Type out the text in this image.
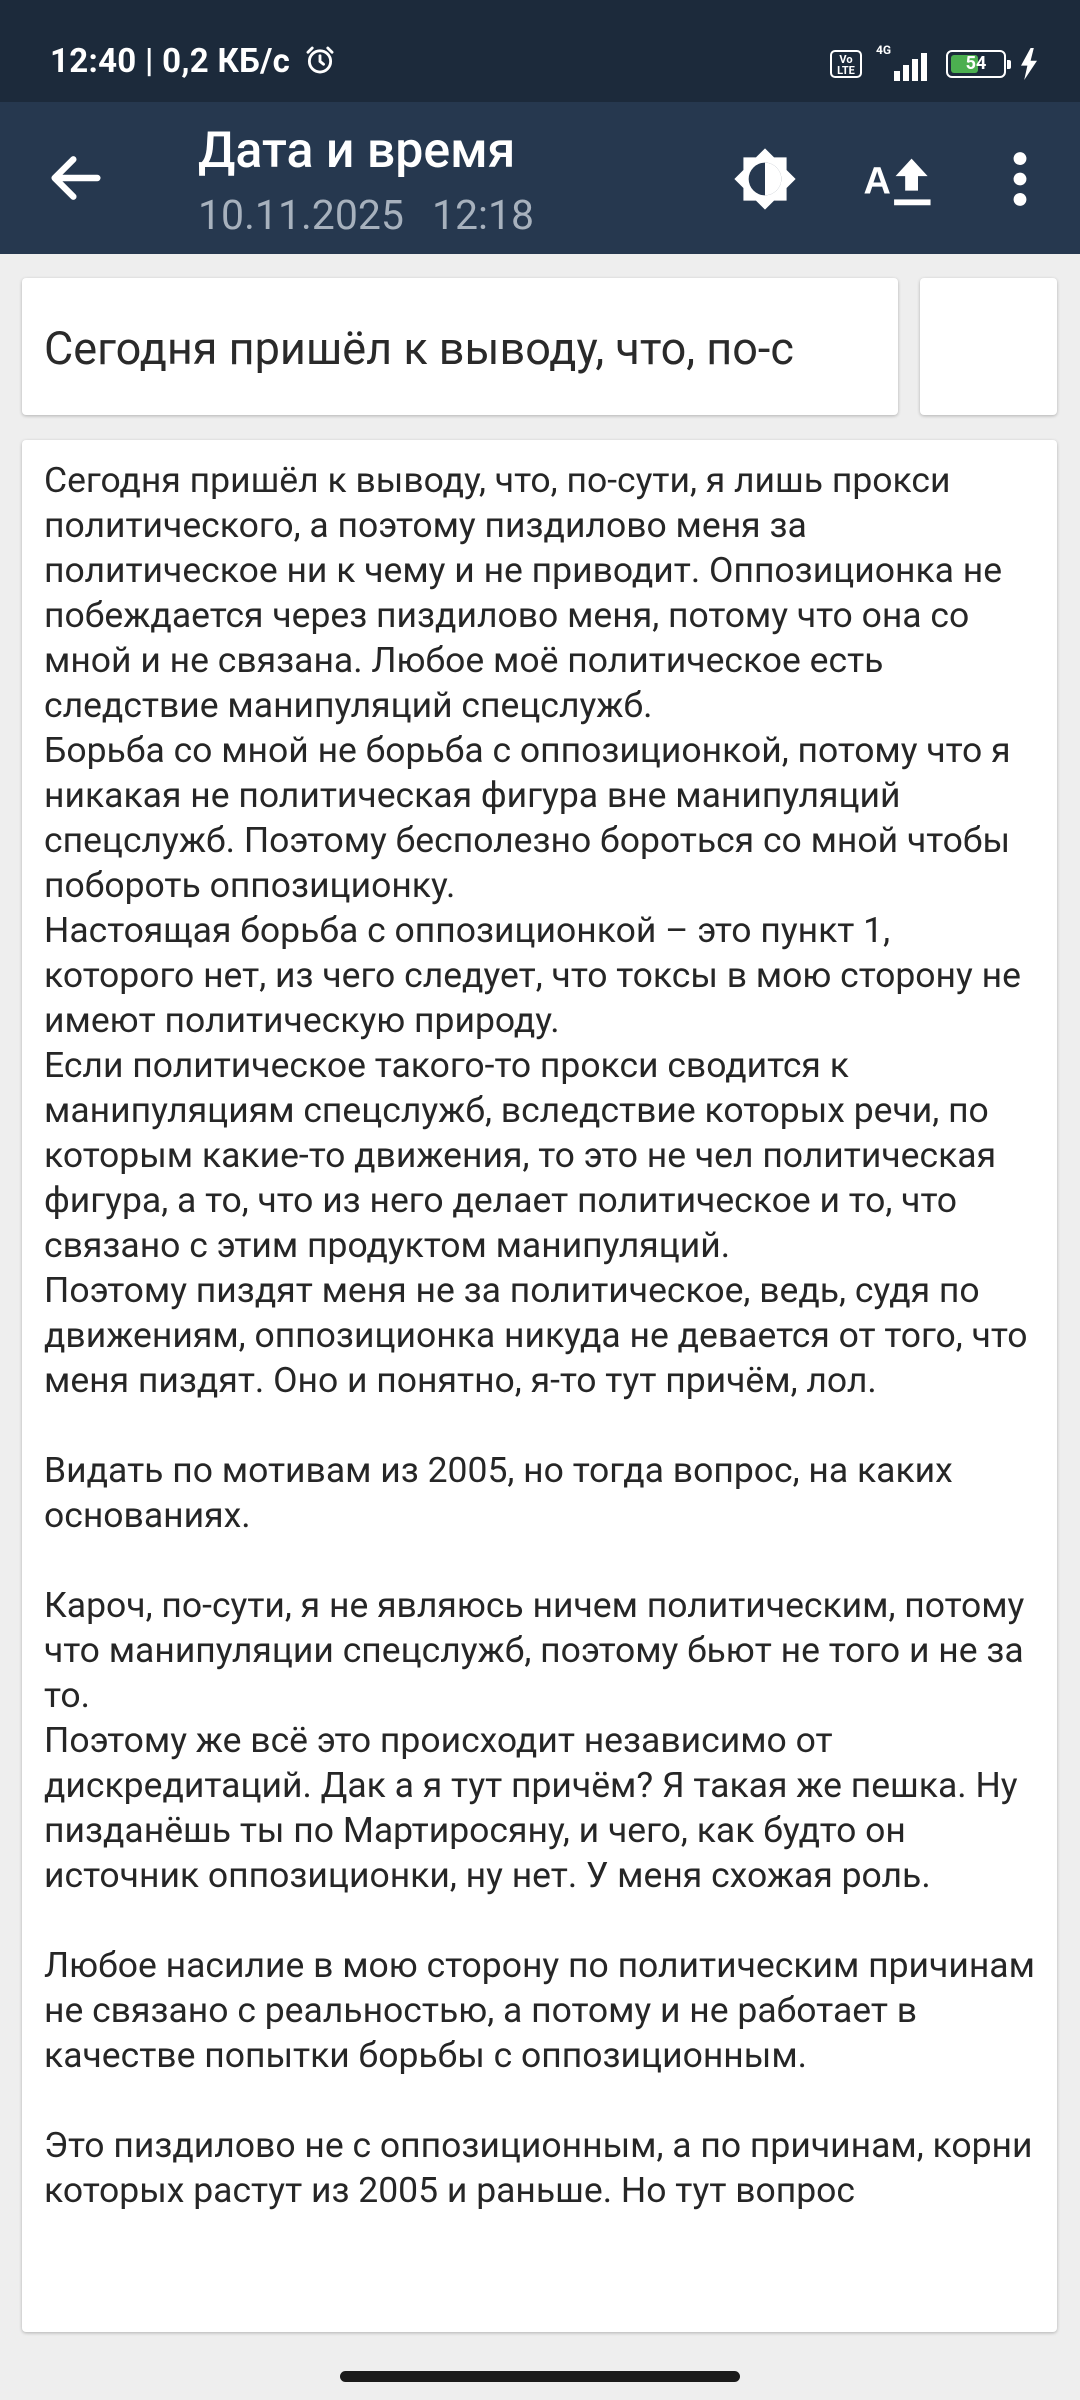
12:40 | 0,2 КБ/с	Vo LTE
4G
54
Дата и время
10.11.2025 12:18
A
Сегодня пришёл к выводу, что, по-с
Сегодня пришёл к выводу, что, по-сути, я лишь прокси политического, а поэтому пиздилово меня за политическое ни к чему и не приводит. Оппозиционка не побеждается через пиздилово меня, потому что она со мной и не связана. Любое моё политическое есть следствие манипуляций спецслужб.
Борьба со мной не борьба с оппозиционкой, потому что я никакая не политическая фигура вне манипуляций спецслужб. Поэтому бесполезно бороться со мной чтобы побороть оппозиционку.
Настоящая борьба с оппозиционкой – это пункт 1, которого нет, из чего следует, что токсы в мою сторону не имеют политическую природу.
Если политическое такого-то прокси сводится к манипуляциям спецслужб, вследствие которых речи, по которым какие-то движения, то это не чел политическая фигура, а то, что из него делает политическое и то, что связано с этим продуктом манипуляций.
Поэтому пиздят меня не за политическое, ведь, судя по движениям, оппозиционка никуда не девается от того, что меня пиздят. Оно и понятно, я-то тут причём, лол.

Видать по мотивам из 2005, но тогда вопрос, на каких основаниях.

Кароч, по-сути, я не являюсь ничем политическим, потому что манипуляции спецслужб, поэтому бьют не того и не за то.
Поэтому же всё это происходит независимо от дискредитаций. Дак а я тут причём? Я такая же пешка. Ну пизданёшь ты по Мартиросяну, и чего, как будто он источник оппозиционки, ну нет. У меня схожая роль.

Любое насилие в мою сторону по политическим причинам не связано с реальностью, а потому и не работает в качестве попытки борьбы с оппозиционным.

Это пиздилово не с оппозиционным, а по причинам, корни которых растут из 2005 и раньше. Но тут вопрос
